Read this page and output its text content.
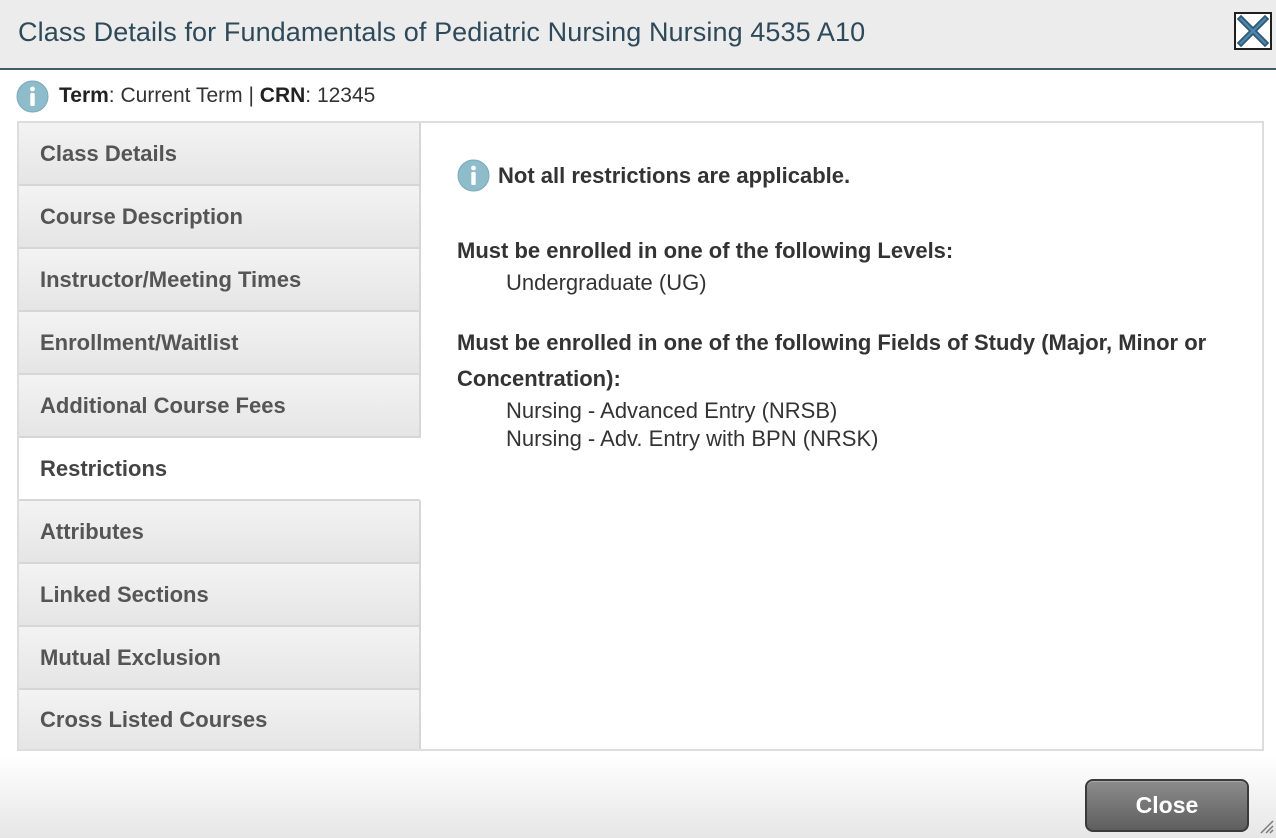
Class Details for Fundamentals of Pediatric Nursing Nursing 4535 A10
Term: Current Term | CRN: 12345
Class Details
Course Description
Instructor/Meeting Times
Enrollment/Waitlist
Additional Course Fees
Restrictions
Attributes
Linked Sections
Mutual Exclusion
Cross Listed Courses
Not all restrictions are applicable.
Must be enrolled in one of the following Levels:
Undergraduate (UG)
Must be enrolled in one of the following Fields of Study (Major, Minor or Concentration):
Nursing - Advanced Entry (NRSB)
Nursing - Adv. Entry with BPN (NRSK)
Close
